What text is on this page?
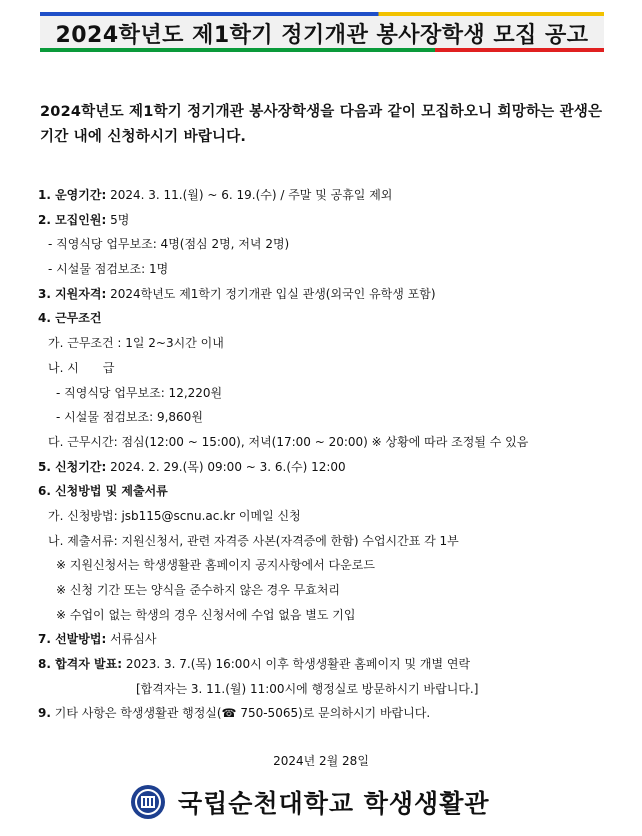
2024학년도 제1학기 정기개관 봉사장학생 모집 공고
2024학년도 제1학기 정기개관 봉사장학생을 다음과 같이 모집하오니 희망하는 관생은 기간 내에 신청하시기 바랍니다.
1. 운영기간: 2024. 3. 11.(월) ~ 6. 19.(수) / 주말 및 공휴일 제외
2. 모집인원: 5명
- 직영식당 업무보조: 4명(점심 2명, 저녁 2명)
- 시설물 점검보조: 1명
3. 지원자격: 2024학년도 제1학기 정기개관 입실 관생(외국인 유학생 포함)
4. 근무조건
가. 근무조건 : 1일 2~3시간 이내
나. 시　　급
- 직영식당 업무보조: 12,220원
- 시설물 점검보조: 9,860원
다. 근무시간: 점심(12:00 ~ 15:00), 저녁(17:00 ~ 20:00) ※ 상황에 따라 조정될 수 있음
5. 신청기간: 2024. 2. 29.(목) 09:00 ~ 3. 6.(수) 12:00
6. 신청방법 및 제출서류
가. 신청방법: jsb115@scnu.ac.kr 이메일 신청
나. 제출서류: 지원신청서, 관련 자격증 사본(자격증에 한함) 수업시간표 각 1부
※ 지원신청서는 학생생활관 홈페이지 공지사항에서 다운로드
※ 신청 기간 또는 양식을 준수하지 않은 경우 무효처리
※ 수업이 없는 학생의 경우 신청서에 수업 없음 별도 기입
7. 선발방법: 서류심사
8. 합격자 발표: 2023. 3. 7.(목) 16:00시 이후 학생생활관 홈페이지 및 개별 연락
[합격자는 3. 11.(월) 11:00시에 행정실로 방문하시기 바랍니다.]
9. 기타 사항은 학생생활관 행정실(☎ 750-5065)로 문의하시기 바랍니다.
2024년 2월 28일
국립순천대학교 학생생활관
